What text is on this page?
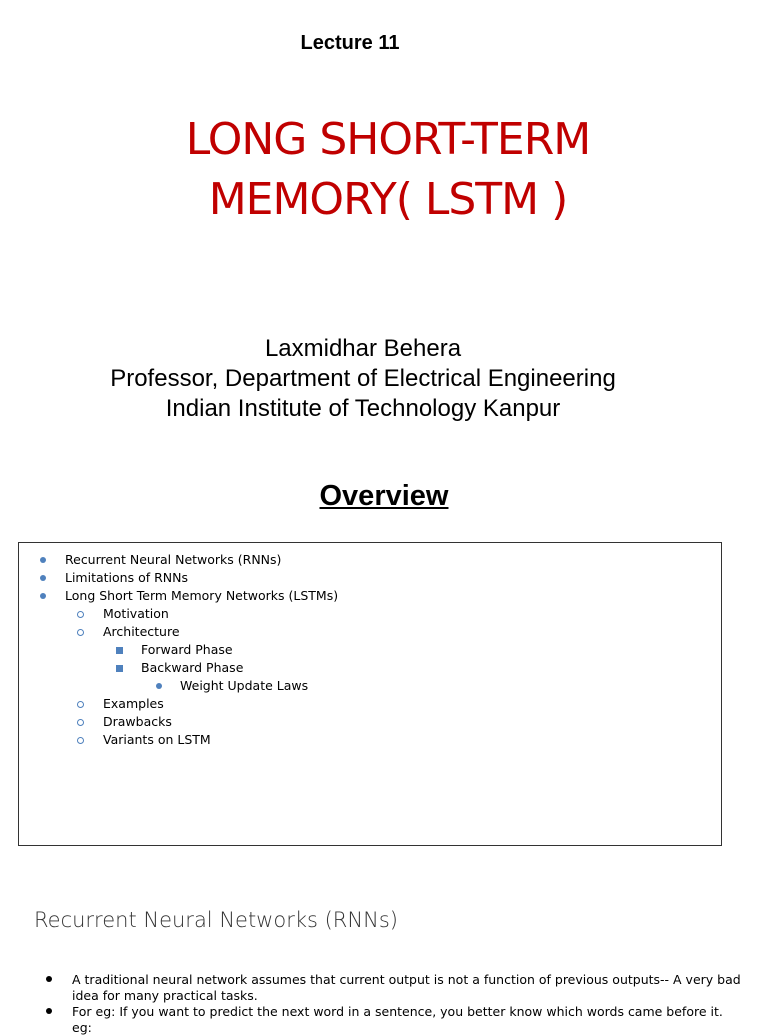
Lecture 11
LONG SHORT-TERM
MEMORY( LSTM )
Laxmidhar Behera
Professor, Department of Electrical Engineering
Indian Institute of Technology Kanpur
Overview
Recurrent Neural Networks (RNNs)
Limitations of RNNs
Long Short Term Memory Networks (LSTMs)
Motivation
Architecture
Forward Phase
Backward Phase
Weight Update Laws
Examples
Drawbacks
Variants on LSTM
Recurrent Neural Networks (RNNs)
A traditional neural network assumes that current output is not a function of previous outputs-- A very bad idea for many practical tasks.
For eg: If you want to predict the next word in a sentence, you better know which words came before it. eg:
